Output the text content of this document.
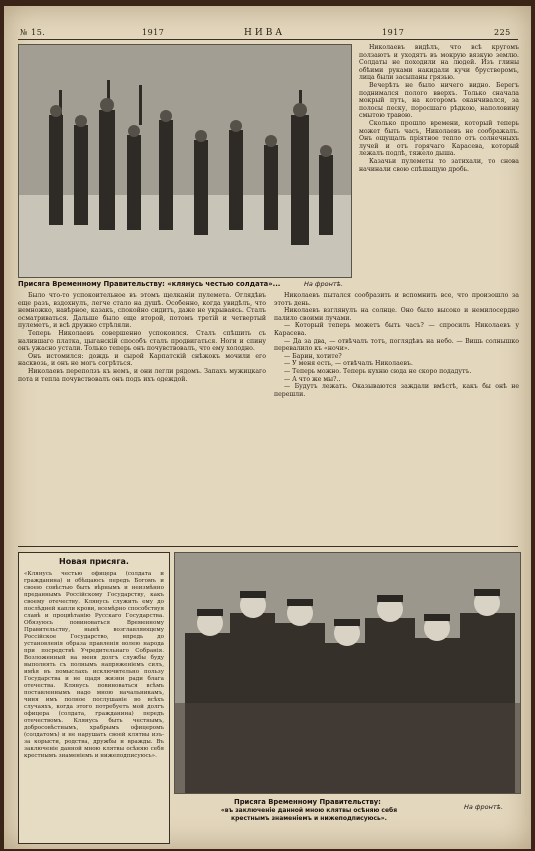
№ 15.	1917	НИВА	1917	225
Присяга Временному Правительству: «клянусь честью солдата»...	На фронтѣ.

Николаевъ видѣлъ, что всѣ кругомъ ползаютъ и уходятъ въ мокрую вязкую землю. Солдаты не походили на людей. Изъ глины обѣими руками накидали кучи брустверомъ, лица были засыпаны грязью.

Вечерѣть не было ничего видно. Берегъ поднимался полого вверхъ. Только сначала мокрый путь, на которомъ оканчивался, за полосы песку, поросшаго рѣдкою, наполовину смытою травою.

Сколько прошло времени, который теперь может быть часъ, Николаевъ не соображалъ. Онъ ощущалъ пріятное тепло отъ солнечныхъ лучей и отъ горячаго Карасева, который лежалъ подлѣ, тяжело дыша.

Казачьи пулеметы то затихали, то снова начинали свою спѣшащую дробь.

Было что-то успокоительное въ этомъ щелканіи пулемета. Оглядѣвъ еще разъ, вздохнулъ, легче стало на душѣ. Особенно, когда увидѣлъ, что немножко, навѣрное, казакъ, спокойно сидитъ, даже не укрываясь. Сталъ осматриваться. Дальше было еще второй, потомъ третій и четвертый пулеметъ, и всѣ дружно стрѣляли.

Теперь Николаевъ совершенно успокоился. Сталъ спѣшить съ налившаго платка, цыганскій способъ сталъ продвигаться. Ноги и спину онъ ужасно устали. Только теперь онъ почувствовалъ, что ему холодно.

Онъ истомился: дождь и сырой Карпатскій снѣжокъ мочили его насквозь, и онъ не могъ согрѣться.

Николаевъ переползъ къ немъ, и они легли рядомъ. Запахъ мужицкаго пота и тепла почувствовалъ онъ подъ ихъ одеждой.

Николаевъ пытался сообразить и вспомнить все, что произошло за этотъ день.

Николаевъ взглянулъ на солнце. Оно было высоко и немилосердно палило своими лучами.

— Который теперь можетъ быть часъ? — спросилъ Николаевъ у Карасева.

— Да за два, — отвѣчалъ тотъ, поглядѣвъ на небо. — Вишь солнышко перевалило къ «ночи».

— Барин, хотите?

— У меня есть, — отвѣчалъ Николаевъ.

— Теперь можно. Теперь кухню сюда не скоро подадутъ.

— А что же мы?..

— Будутъ лежать. Оказываются заждали вмѣстѣ, какъ бы онѣ не перешли.

Новая присяга.
«Клянусь честью офицера (солдата и гражданина) и обѣщаюсь передъ Богомъ и своею совѣстью быть вѣрнымъ и неизмѣнно преданнымъ Россійскому Государству, какъ своему отечеству. Клянусь служить ему до послѣдней капли крови, всемѣрно способствуя славѣ и процвѣтанію Русскаго Государства. Обязуюсь повиноваться Временному Правительству, нынѣ возглавляющему Россійское Государство, впредь до установленія образа правленія волею народа при посредствѣ Учредительнаго Собранія. Возложенный на меня долгъ службы буду выполнять съ полнымъ напряженіемъ силъ, имѣя въ помыслахъ исключительно пользу Государства и не щадя жизни ради блага отечества. Клянусь повиноваться всѣмъ поставленнымъ надо мною начальникамъ, чиня имъ полное послушаніе во всѣхъ случаяхъ, когда этого потребуетъ мой долгъ офицера (солдата, гражданина) передъ отечествомъ. Клянусь быть честнымъ, добросовѣстнымъ, храбрымъ офицеромъ (солдатомъ) и не нарушать своей клятвы изъ-за корысти, родства, дружбы и вражды. Въ заключеніе данной мною клятвы осѣняю себя крестнымъ знаменіемъ и нижеподписуюсь».
Присяга Временному Правительству:
«въ заключеніе данной мною клятвы осѣняю себя крестнымъ знаменіемъ и нижеподписуюсь».
На фронтѣ.
